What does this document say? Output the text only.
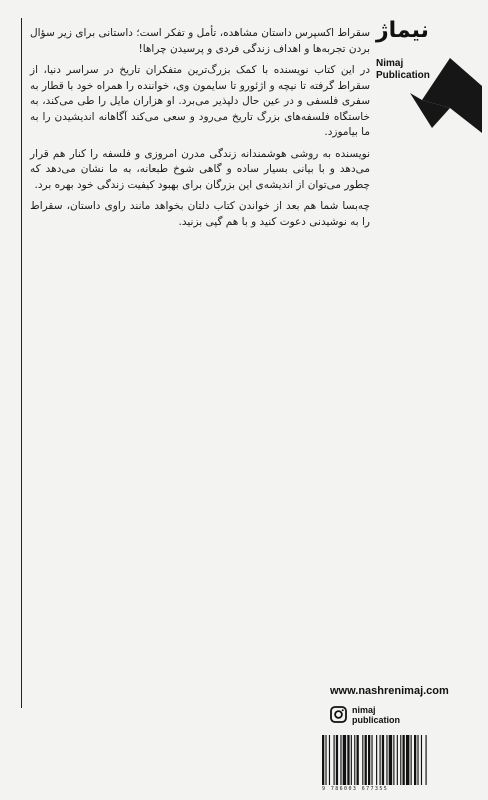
نیماژ
Nimaj
Publication

سقراط اکسپرس داستان مشاهده، تأمل و تفکر است؛ داستانی برای زیر سؤال بردن تجربه‌ها و اهداف زندگی فردی و پرسیدن چراها!

در این کتاب نویسنده با کمک بزرگ‌ترین متفکران تاریخ در سراسر دنیا، از سقراط گرفته تا نیچه و اژئورو تا سایمون وی، خواننده را همراه خود با قطار به سفری فلسفی و در عین حال دلپذیر می‌برد. او هزاران مایل را طی می‌کند، به خاستگاه فلسفه‌های بزرگ تاریخ می‌رود و سعی می‌کند آگاهانه اندیشیدن را به ما بیاموزد.

نویسنده به روشی هوشمندانه زندگی مدرن امروزی و فلسفه را کنار هم قرار می‌دهد و با بیانی بسیار ساده و گاهی شوخ طبعانه، به ما نشان می‌دهد که چطور می‌توان از اندیشه‌ی این بزرگان برای بهبود کیفیت زندگی خود بهره برد.

چه‌بسا شما هم بعد از خواندن کتاب دلتان بخواهد مانند راوی داستان، سقراط را به نوشیدنی دعوت کنید و با هم گپی بزنید.

www.nashrenimaj.com
nimaj
publication
9 786003 677355
